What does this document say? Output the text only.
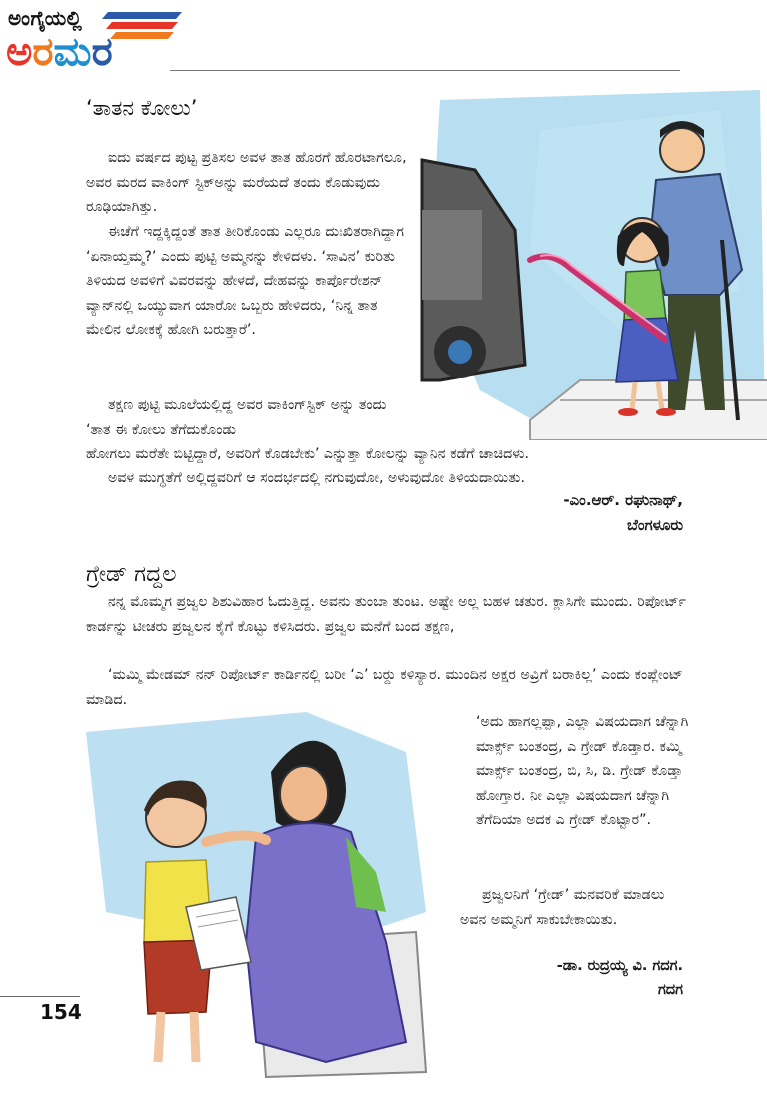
ಅಂಗೈಯಲ್ಲಿ
ಅರಮರ
‘ತಾತನ ಕೋಲು’

ಐದು ವರ್ಷದ ಪುಟ್ಟ ಪ್ರತಿಸಲ ಅವಳ ತಾತ ಹೊರಗೆ ಹೊರಟಾಗಲೂ, ಅವರ ಮರದ ವಾಕಿಂಗ್ ಸ್ಟಿಕ್‌ಅನ್ನು ಮರೆಯದೆ ತಂದು ಕೊಡುವುದು ರೂಢಿಯಾಗಿತ್ತು.

ಈಚೆಗೆ ಇದ್ದಕ್ಕಿದ್ದಂತೆ ತಾತ ತೀರಿಕೊಂಡು ಎಲ್ಲರೂ ದುಃಖಿತರಾಗಿದ್ದಾಗ ‘ಏನಾಯ್ತಮ್ಮ?’ ಎಂದು ಪುಟ್ಟಿ ಅಮ್ಮನನ್ನು ಕೇಳಿದಳು. ‘ಸಾವಿನ’ ಕುರಿತು ತಿಳಿಯದ ಅವಳಿಗೆ ವಿವರವನ್ನು ಹೇಳದೆ, ದೇಹವನ್ನು ಕಾರ್ಪೊರೇಶನ್ ವ್ಯಾನ್‌ನಲ್ಲಿ ಒಯ್ಯುವಾಗ ಯಾರೋ ಒಬ್ಬರು ಹೇಳಿದರು, ‘ನಿನ್ನ ತಾತ ಮೇಲಿನ ಲೋಕಕ್ಕೆ ಹೋಗಿ ಬರುತ್ತಾರೆ’.

ತಕ್ಷಣ ಪುಟ್ಟಿ ಮೂಲೆಯಲ್ಲಿದ್ದ ಅವರ ವಾಕಿಂಗ್‌ಸ್ಟಿಕ್ ಅನ್ನು ತಂದು ‘ತಾತ ಈ ಕೋಲು ತೆಗೆದುಕೊಂಡು

ಹೋಗಲು ಮರೆತೇ ಬಿಟ್ಟಿದ್ದಾರೆ, ಅವರಿಗೆ ಕೊಡಬೇಕು’ ಎನ್ನುತ್ತಾ ಕೋಲನ್ನು ವ್ಯಾನಿನ ಕಡೆಗೆ ಚಾಚಿದಳು.

ಅವಳ ಮುಗ್ಧತೆಗೆ ಅಲ್ಲಿದ್ದವರಿಗೆ ಆ ಸಂದರ್ಭದಲ್ಲಿ ನಗುವುದೋ, ಅಳುವುದೋ ತಿಳಿಯದಾಯಿತು.

-ಎಂ.ಆರ್. ರಘುನಾಥ್,
ಬೆಂಗಳೂರು
ಗ್ರೇಡ್ ಗದ್ದಲ

ನನ್ನ ಮೊಮ್ಮಗ ಪ್ರಜ್ವಲ ಶಿಶುವಿಹಾರ ಓದುತ್ತಿದ್ದ. ಅವನು ತುಂಬಾ ತುಂಟ. ಅಷ್ಟೇ ಅಲ್ಲ ಬಹಳ ಚತುರ. ಕ್ಲಾಸಿಗೇ ಮುಂದು. ರಿಪೋರ್ಟ್ ಕಾರ್ಡನ್ನು ಟೀಚರು ಪ್ರಜ್ವಲನ ಕೈಗೆ ಕೊಟ್ಟು ಕಳಿಸಿದರು. ಪ್ರಜ್ವಲ ಮನೆಗೆ ಬಂದ ತಕ್ಷಣ,

‘ಮಮ್ಮಿ ಮೇಡಮ್ ನನ್ ರಿಪೋರ್ಟ್ ಕಾರ್ಡಿನಲ್ಲಿ ಬರೀ ‘ಎ’ ಬರ್‍ದು ಕಳಿಸ್ಯಾರ. ಮುಂದಿನ ಅಕ್ಷರ ಅವ್ರಿಗೆ ಬರಾಕಿಲ್ಲ’ ಎಂದು ಕಂಪ್ಲೇಂಟ್ ಮಾಡಿದ.

‘ಅದು ಹಾಗಲ್ಲಪ್ಪಾ, ಎಲ್ಲಾ ವಿಷಯದಾಗ ಚೆನ್ನಾಗಿ ಮಾರ್ಕ್ಸ್ ಬಂತಂದ್ರ, ಎ ಗ್ರೇಡ್ ಕೊಡ್ತಾರ. ಕಮ್ಮಿ ಮಾರ್ಕ್ಸ್ ಬಂತಂದ್ರ, ಬಿ, ಸಿ, ಡಿ. ಗ್ರೇಡ್ ಕೊಡ್ತಾ ಹೋಗ್ತಾರ. ನೀ ಎಲ್ಲಾ ವಿಷಯದಾಗ ಚೆನ್ನಾಗಿ ತೆಗೆದಿಯಾ ಅದಕ ಎ ಗ್ರೇಡ್ ಕೊಟ್ಟಾರ”.

ಪ್ರಜ್ವಲನಿಗೆ ‘ಗ್ರೇಡ್’ ಮನವರಿಕೆ ಮಾಡಲು ಅವನ ಅಮ್ಮನಿಗೆ ಸಾಕುಬೇಕಾಯಿತು.

-ಡಾ. ರುದ್ರಯ್ಯ ವಿ. ಗದಗ.
ಗದಗ
154
